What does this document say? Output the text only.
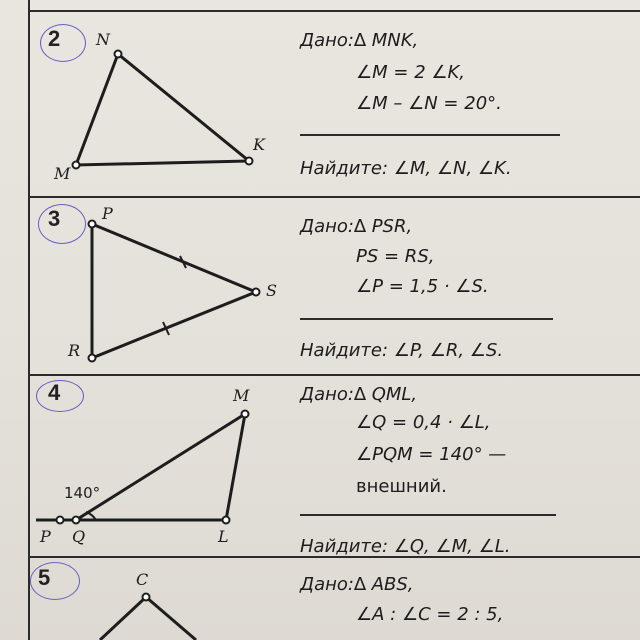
2
3
4
5
N
K
M
P
S
R
M
P Q	L
140°
C
Дано:∆ MNK,
∠M = 2 ∠K,
∠M – ∠N = 20°.
Найдите: ∠M, ∠N, ∠K.
Дано:∆ PSR,
PS = RS,
∠P = 1,5 · ∠S.
Найдите: ∠P, ∠R, ∠S.
Дано:∆ QML,
∠Q = 0,4 · ∠L,
∠PQM = 140° —
внешний.
Найдите: ∠Q, ∠M, ∠L.
Дано:∆ ABS,
∠A : ∠C = 2 : 5,
